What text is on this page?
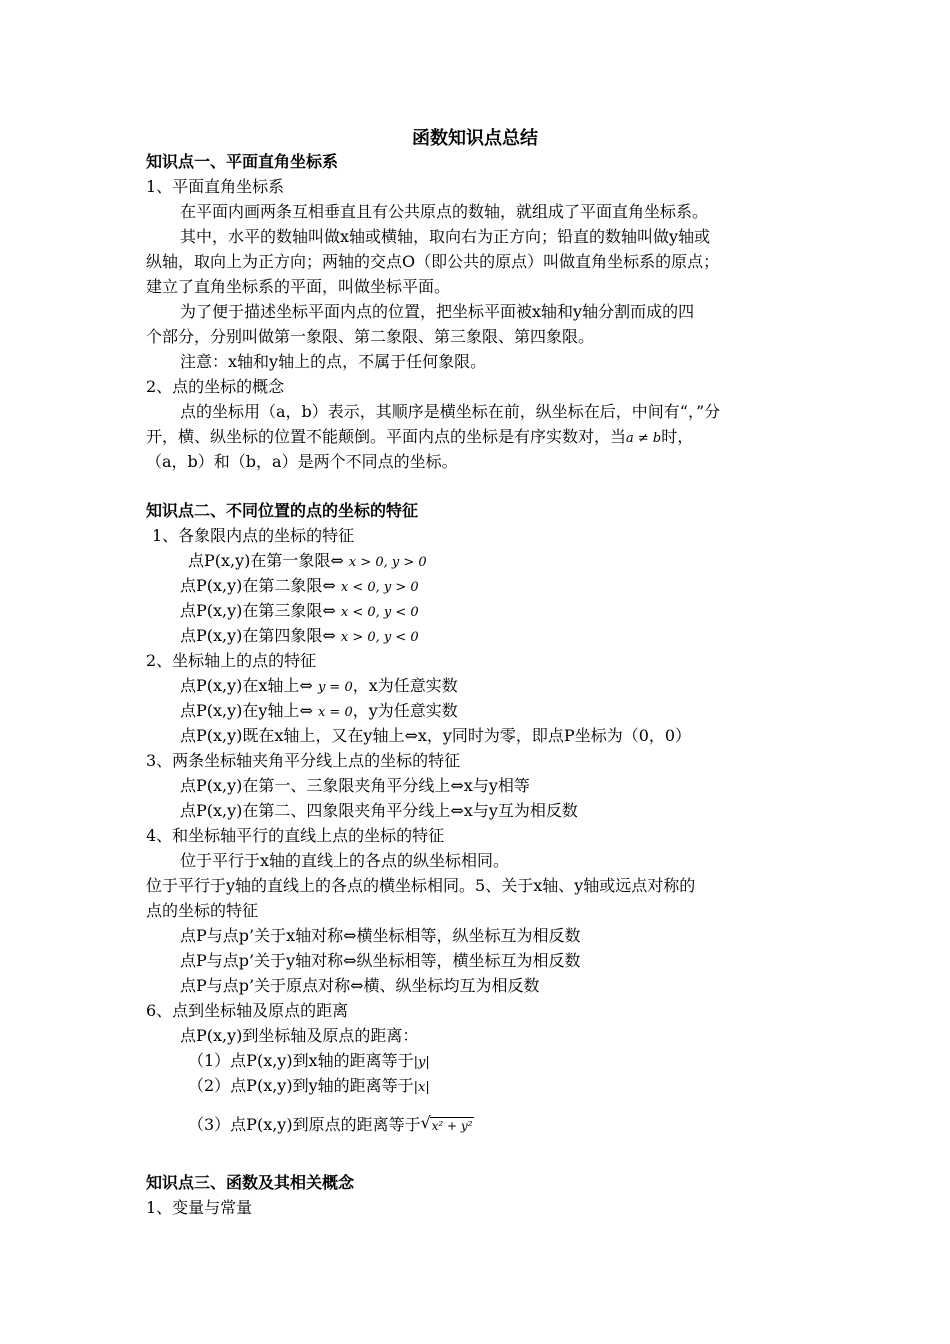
函数知识点总结
知识点一、平面直角坐标系
1、平面直角坐标系
在平面内画两条互相垂直且有公共原点的数轴，就组成了平面直角坐标系。
其中，水平的数轴叫做x轴或横轴，取向右为正方向；铅直的数轴叫做y轴或
纵轴，取向上为正方向；两轴的交点O（即公共的原点）叫做直角坐标系的原点；
建立了直角坐标系的平面，叫做坐标平面。
为了便于描述坐标平面内点的位置，把坐标平面被x轴和y轴分割而成的四
个部分，分别叫做第一象限、第二象限、第三象限、第四象限。
注意：x轴和y轴上的点，不属于任何象限。
2、点的坐标的概念
点的坐标用（a，b）表示，其顺序是横坐标在前，纵坐标在后，中间有“，”分
开，横、纵坐标的位置不能颠倒。平面内点的坐标是有序实数对，当a ≠ b时，
（a，b）和（b，a）是两个不同点的坐标。
知识点二、不同位置的点的坐标的特征
1、各象限内点的坐标的特征
点P(x,y)在第一象限⇔ x > 0, y > 0
点P(x,y)在第二象限⇔ x < 0, y > 0
点P(x,y)在第三象限⇔ x < 0, y < 0
点P(x,y)在第四象限⇔ x > 0, y < 0
2、坐标轴上的点的特征
点P(x,y)在x轴上⇔ y = 0，x为任意实数
点P(x,y)在y轴上⇔ x = 0，y为任意实数
点P(x,y)既在x轴上，又在y轴上⇔x，y同时为零，即点P坐标为（0，0）
3、两条坐标轴夹角平分线上点的坐标的特征
点P(x,y)在第一、三象限夹角平分线上⇔x与y相等
点P(x,y)在第二、四象限夹角平分线上⇔x与y互为相反数
4、和坐标轴平行的直线上点的坐标的特征
位于平行于x轴的直线上的各点的纵坐标相同。
位于平行于y轴的直线上的各点的横坐标相同。5、关于x轴、y轴或远点对称的
点的坐标的特征
点P与点p’关于x轴对称⇔横坐标相等，纵坐标互为相反数
点P与点p’关于y轴对称⇔纵坐标相等，横坐标互为相反数
点P与点p’关于原点对称⇔横、纵坐标均互为相反数
6、点到坐标轴及原点的距离
点P(x,y)到坐标轴及原点的距离：
（1）点P(x,y)到x轴的距离等于|y|
（2）点P(x,y)到y轴的距离等于|x|
（3）点P(x,y)到原点的距离等于 √ x² + y²
知识点三、函数及其相关概念
1、变量与常量
